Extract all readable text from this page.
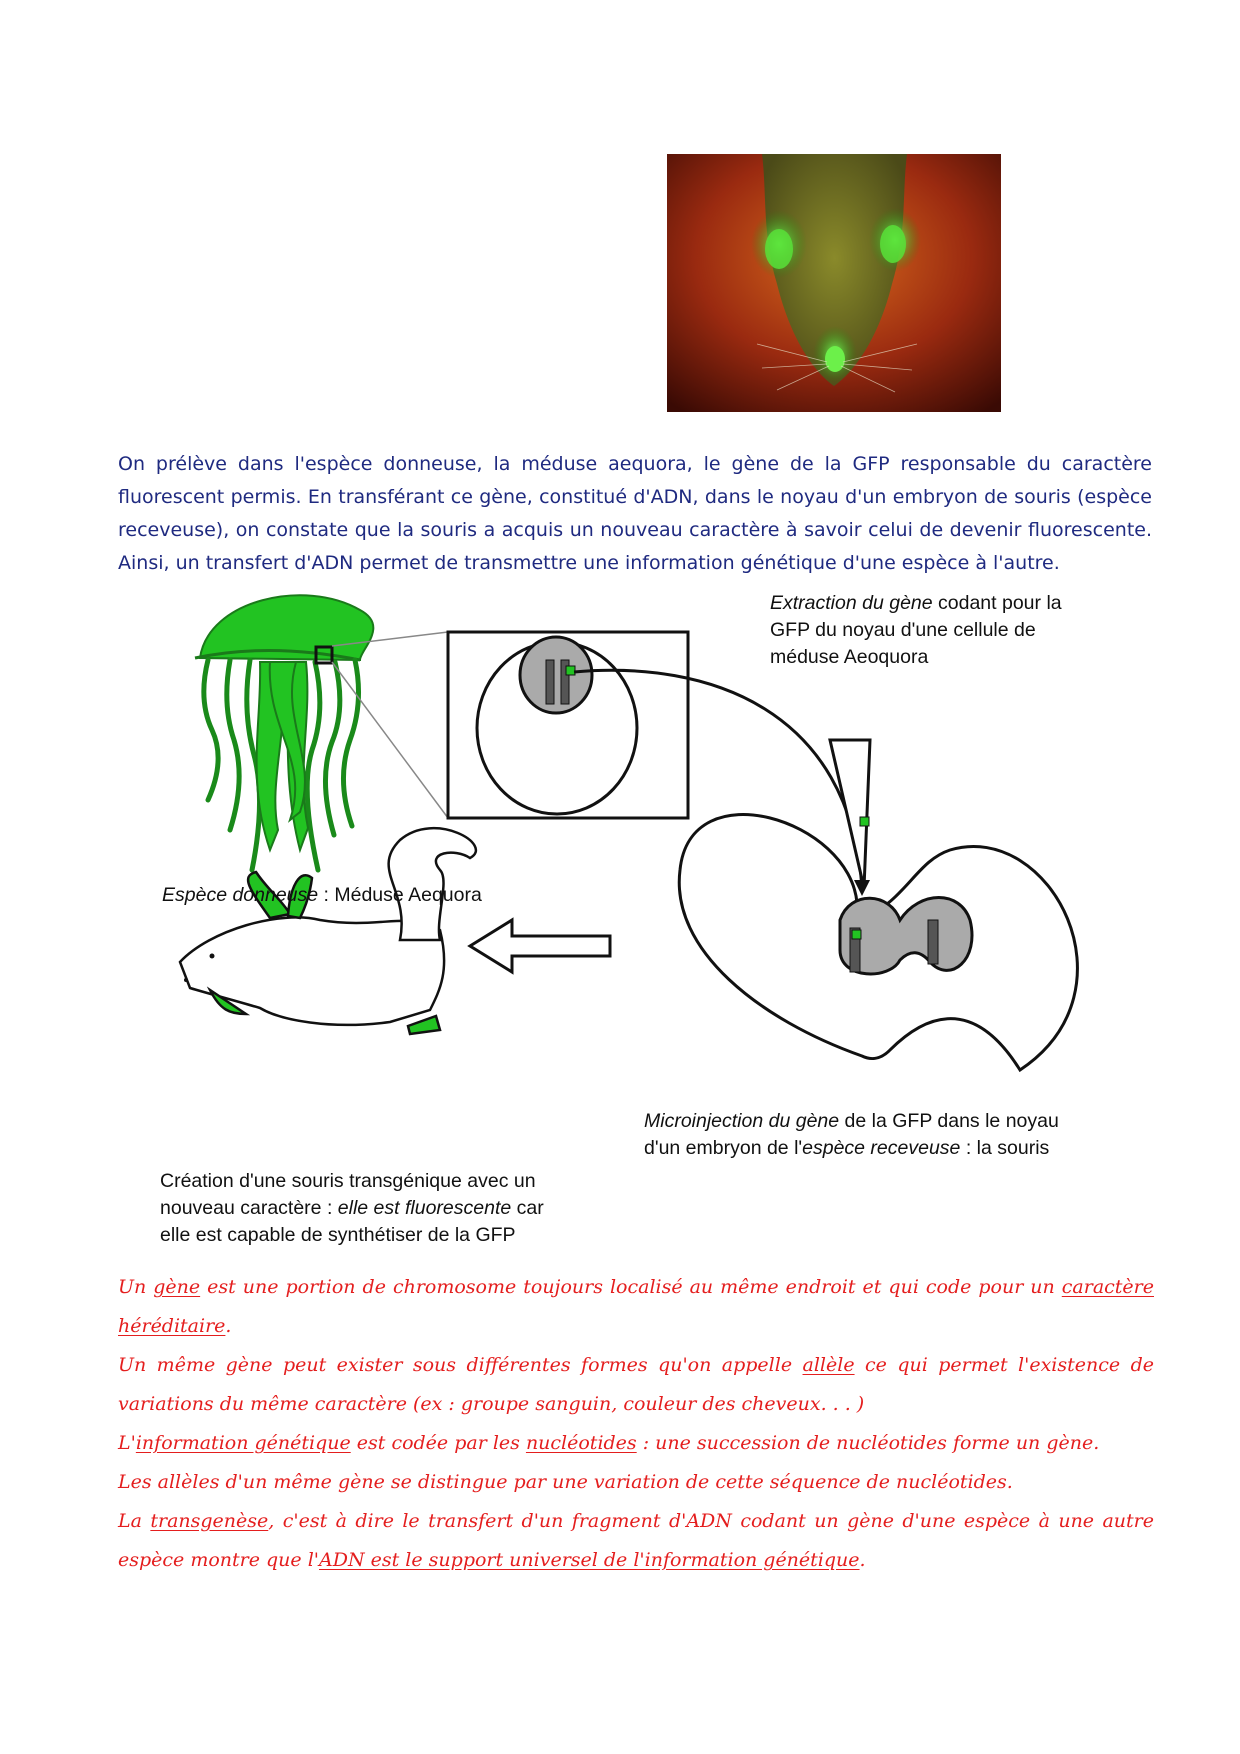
On prélève dans l'espèce donneuse, la méduse aequora, le gène de la GFP responsable du caractère fluorescent permis. En transférant ce gène, constitué d'ADN, dans le noyau d'un embryon de souris (espèce receveuse), on constate que la souris a acquis un nouveau caractère à savoir celui de devenir fluorescente. Ainsi, un transfert d'ADN permet de transmettre une information génétique d'une espèce à l'autre.

Extraction du gène codant pour la
GFP du noyau d'une cellule de
méduse Aeoquora
Espèce donneuse : Méduse Aequora
Microinjection du gène de la GFP dans le noyau
d'un embryon de l'espèce receveuse : la souris
Création d'une souris transgénique avec un
nouveau caractère : elle est fluorescente car
elle est capable de synthétiser de la GFP

Un gène est une portion de chromosome toujours localisé au même endroit et qui code pour un caractère héréditaire.

Un même gène peut exister sous différentes formes qu'on appelle allèle ce qui permet l'existence de variations du même caractère (ex : groupe sanguin, couleur des cheveux. . . )

L'information génétique est codée par les nucléotides : une succession de nucléotides forme un gène.

Les allèles d'un même gène se distingue par une variation de cette séquence de nucléotides.

La transgenèse, c'est à dire le transfert d'un fragment d'ADN codant un gène d'une espèce à une autre espèce montre que l'ADN est le support universel de l'information génétique.
